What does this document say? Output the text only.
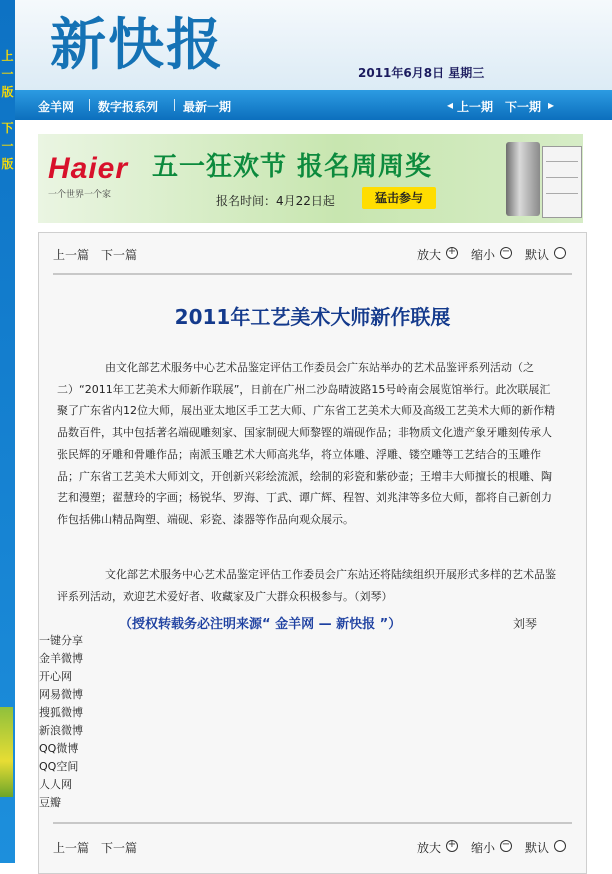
上
一
版
下
一
版
新快报	2011年6月8日 星期三
金羊网 数字报系列 最新一期	◂ 上一期 下一期 ▸
Haier
一个世界一个家
五一狂欢节 报名周周奖
报名时间：4月22日起	猛击参与
上一篇 下一篇	放大 + 缩小 − 默认
2011年工艺美术大师新作联展

由文化部艺术服务中心艺术品鉴定评估工作委员会广东站举办的艺术品鉴评系列活动（之二）“2011年工艺美术大师新作联展”，日前在广州二沙岛晴波路15号岭南会展览馆举行。此次联展汇聚了广东省内12位大师，展出亚太地区手工艺大师、广东省工艺美术大师及高级工艺美术大师的新作精品数百件，其中包括著名端砚雕刻家、国家制砚大师黎铿的端砚作品；非物质文化遗产象牙雕刻传承人张民辉的牙雕和骨雕作品；南派玉雕艺术大师高兆华，将立体雕、浮雕、镂空雕等工艺结合的玉雕作品；广东省工艺美术大师刘文，开创新兴彩绘流派，绘制的彩瓷和紫砂壶；王增丰大师擅长的根雕、陶艺和漫塑；翟慧玲的字画；杨锐华、罗海、丁武、谭广辉、程智、刘兆津等多位大师，都将自己新创力作包括佛山精品陶塑、端砚、彩瓷、漆器等作品向观众展示。

文化部艺术服务中心艺术品鉴定评估工作委员会广东站还将陆续组织开展形式多样的艺术品鉴评系列活动，欢迎艺术爱好者、收藏家及广大群众积极参与。（刘琴）

（授权转载务必注明来源“ 金羊网 — 新快报 ”）	刘琴
一键分享
金羊微博
开心网
网易微博
搜狐微博
新浪微博
QQ微博
QQ空间
人人网
豆瓣
上一篇 下一篇	放大 + 缩小 − 默认
